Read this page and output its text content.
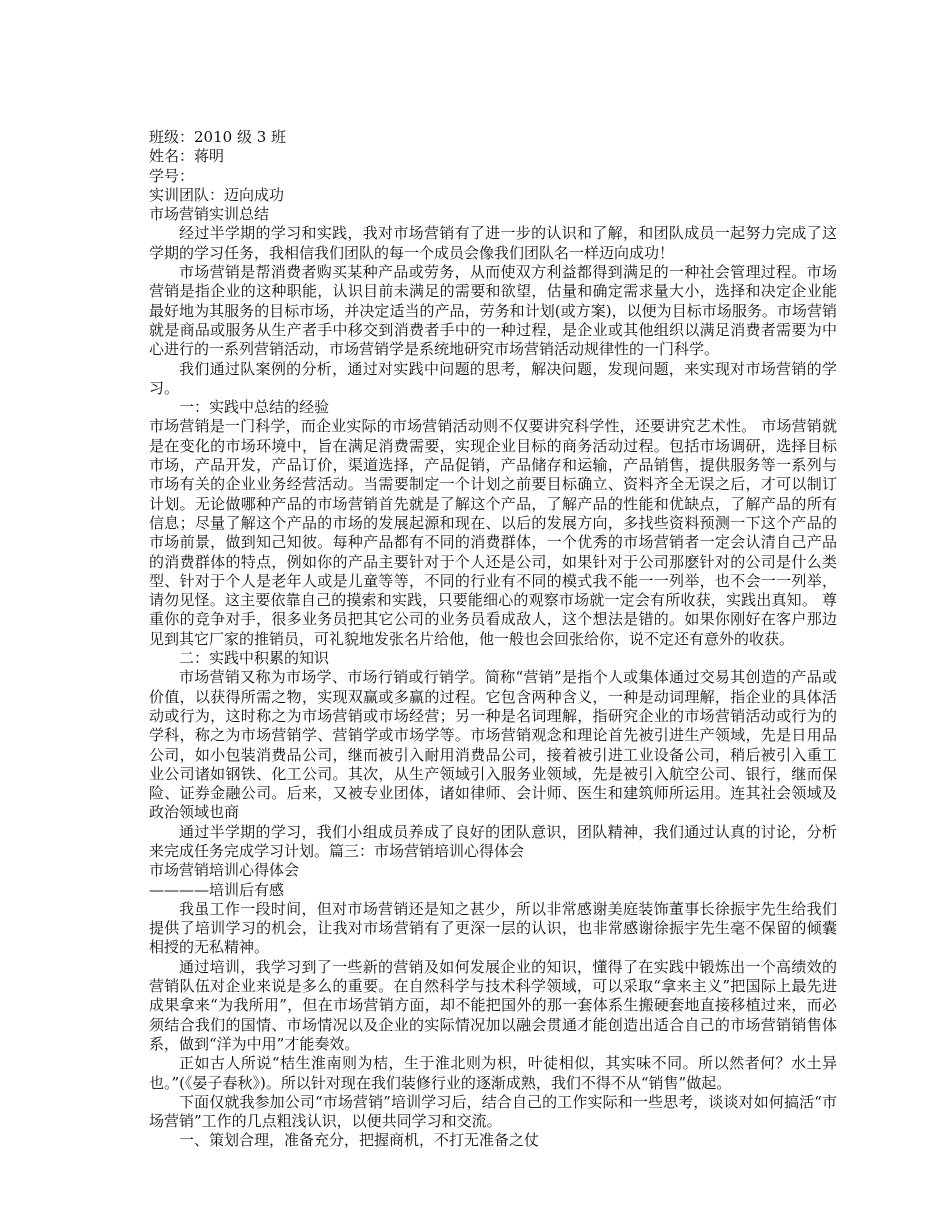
班级：2010 级 3 班

姓名：蒋明

学号：

实训团队：迈向成功

市场营销实训总结

经过半学期的学习和实践，我对市场营销有了进一步的认识和了解，和团队成员一起努力完成了这学期的学习任务，我相信我们团队的每一个成员会像我们团队名一样迈向成功！

市场营销是帮消费者购买某种产品或劳务，从而使双方利益都得到满足的一种社会管理过程。市场营销是指企业的这种职能，认识目前未满足的需要和欲望，估量和确定需求量大小，选择和决定企业能最好地为其服务的目标市场，并决定适当的产品，劳务和计划(或方案)，以便为目标市场服务。市场营销就是商品或服务从生产者手中移交到消费者手中的一种过程，是企业或其他组织以满足消费者需要为中心进行的一系列营销活动，市场营销学是系统地研究市场营销活动规律性的一门科学。

我们通过队案例的分析，通过对实践中问题的思考，解决问题，发现问题，来实现对市场营销的学习。

一：实践中总结的经验

市场营销是一门科学，而企业实际的市场营销活动则不仅要讲究科学性，还要讲究艺术性。 市场营销就是在变化的市场环境中，旨在满足消费需要，实现企业目标的商务活动过程。包括市场调研，选择目标市场，产品开发，产品订价，渠道选择，产品促销，产品储存和运输，产品销售，提供服务等一系列与市场有关的企业业务经营活动。当需要制定一个计划之前要目标确立、资料齐全无误之后，才可以制订计划。无论做哪种产品的市场营销首先就是了解这个产品，了解产品的性能和优缺点，了解产品的所有信息；尽量了解这个产品的市场的发展起源和现在、以后的发展方向，多找些资料预测一下这个产品的市场前景，做到知己知彼。每种产品都有不同的消费群体，一个优秀的市场营销者一定会认清自己产品的消费群体的特点，例如你的产品主要针对于个人还是公司，如果针对于公司那麽针对的公司是什么类型、针对于个人是老年人或是儿童等等，不同的行业有不同的模式我不能一一列举，也不会一一列举，请勿见怪。这主要依靠自己的摸索和实践，只要能细心的观察市场就一定会有所收获，实践出真知。 尊重你的竞争对手，很多业务员把其它公司的业务员看成敌人，这个想法是错的。如果你刚好在客户那边见到其它厂家的推销员，可礼貌地发张名片给他，他一般也会回张给你，说不定还有意外的收获。

二：实践中积累的知识

市场营销又称为市场学、市场行销或行销学。简称“营销”是指个人或集体通过交易其创造的产品或价值，以获得所需之物，实现双赢或多赢的过程。它包含两种含义，一种是动词理解，指企业的具体活动或行为，这时称之为市场营销或市场经营；另一种是名词理解，指研究企业的市场营销活动或行为的学科，称之为市场营销学、营销学或市场学等。市场营销观念和理论首先被引进生产领域，先是日用品公司，如小包装消费品公司，继而被引入耐用消费品公司，接着被引进工业设备公司，稍后被引入重工业公司诸如钢铁、化工公司。其次，从生产领域引入服务业领域，先是被引入航空公司、银行，继而保险、证券金融公司。后来，又被专业团体，诸如律师、会计师、医生和建筑师所运用。连其社会领域及政治领域也商

通过半学期的学习，我们小组成员养成了良好的团队意识，团队精神，我们通过认真的讨论，分析来完成任务完成学习计划。篇三：市场营销培训心得体会

市场营销培训心得体会

————培训后有感

我虽工作一段时间，但对市场营销还是知之甚少，所以非常感谢美庭装饰董事长徐振宇先生给我们提供了培训学习的机会，让我对市场营销有了更深一层的认识，也非常感谢徐振宇先生毫不保留的倾囊相授的无私精神。

通过培训，我学习到了一些新的营销及如何发展企业的知识，懂得了在实践中锻炼出一个高绩效的营销队伍对企业来说是多么的重要。在自然科学与技术科学领域，可以采取“拿来主义”把国际上最先进成果拿来“为我所用”，但在市场营销方面，却不能把国外的那一套体系生搬硬套地直接移植过来，而必须结合我们的国情、市场情况以及企业的实际情况加以融会贯通才能创造出适合自己的市场营销销售体系，做到“洋为中用”才能奏效。

正如古人所说“桔生淮南则为桔，生于淮北则为枳，叶徒相似，其实味不同。所以然者何？水土异也。”(《晏子春秋》)。所以针对现在我们装修行业的逐渐成熟，我们不得不从“销售”做起。

下面仅就我参加公司“市场营销”培训学习后，结合自己的工作实际和一些思考，谈谈对如何搞活“市场营销”工作的几点粗浅认识，以便共同学习和交流。

一、策划合理，准备充分，把握商机，不打无准备之仗
